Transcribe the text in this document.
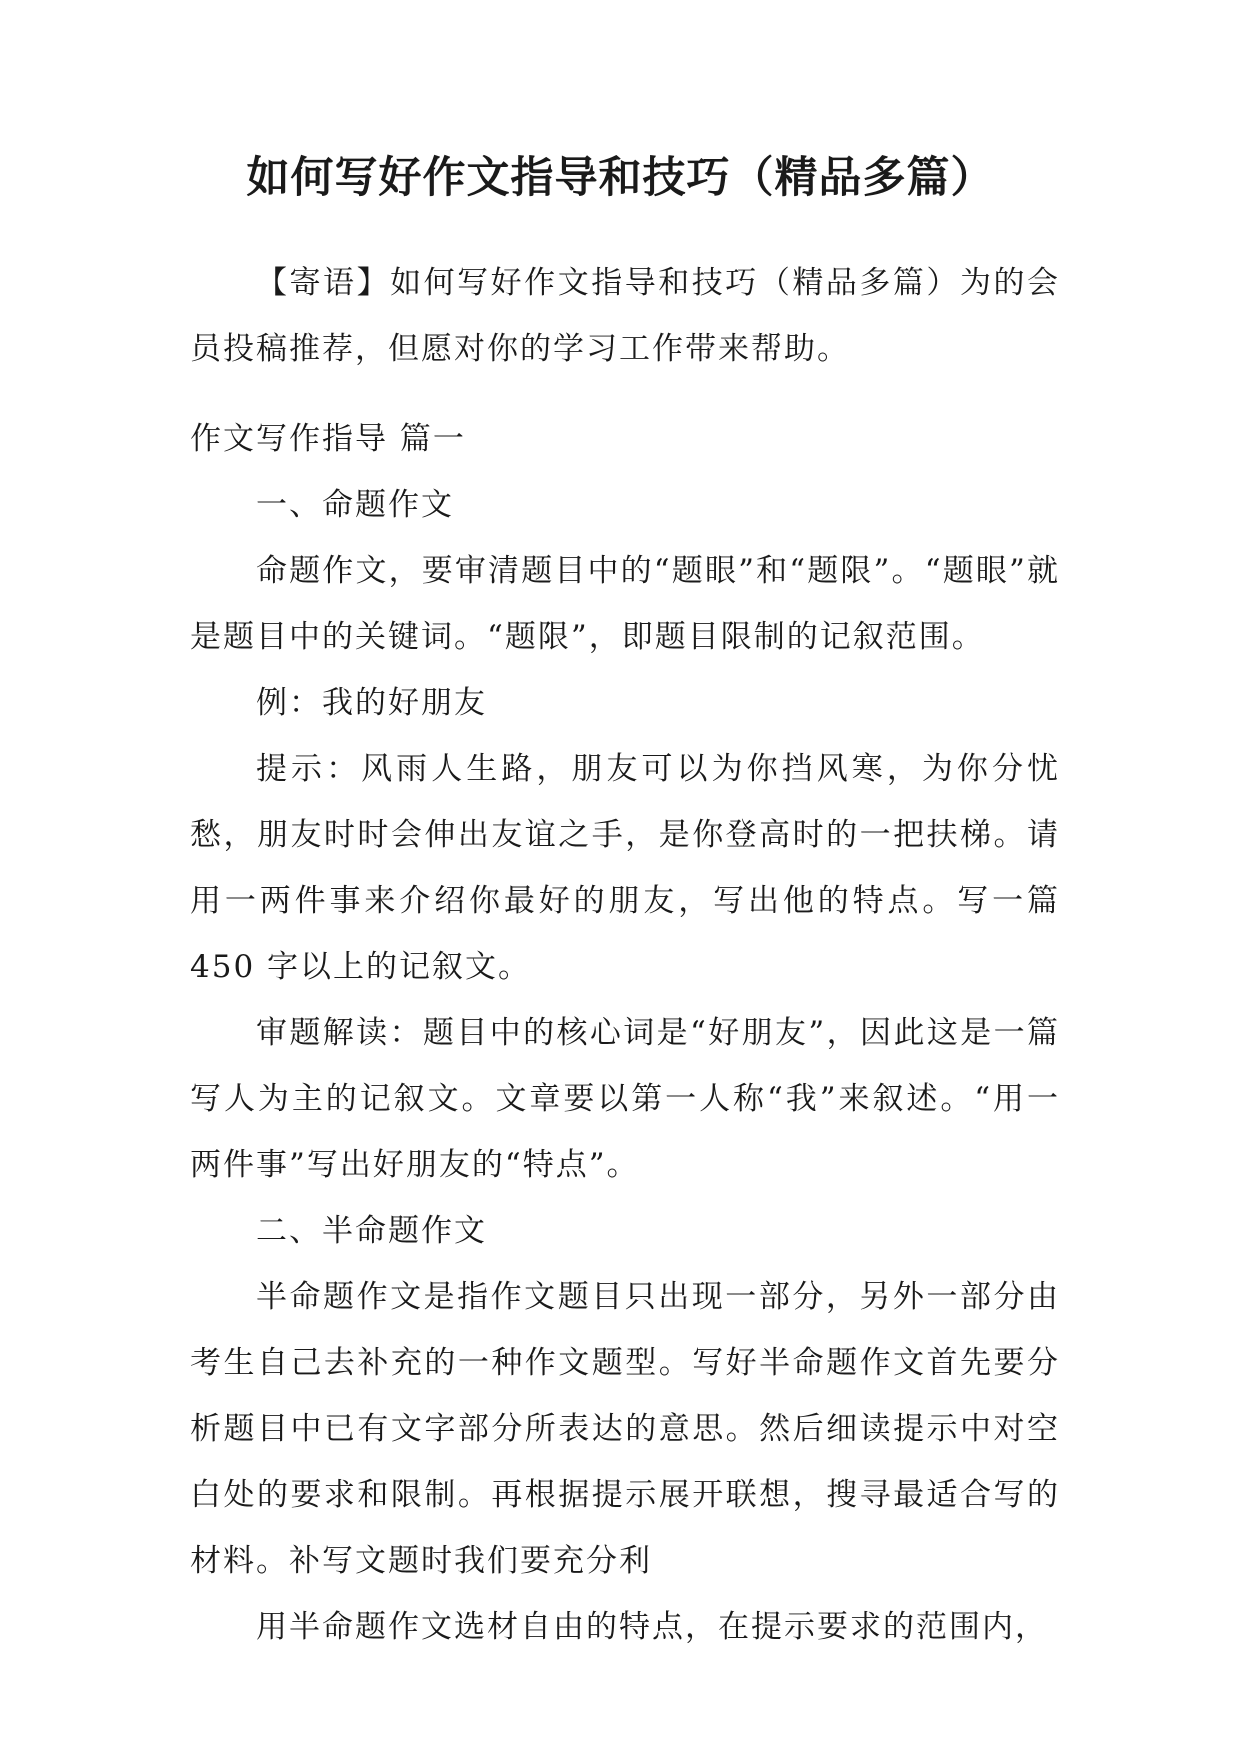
如何写好作文指导和技巧（精品多篇）

【寄语】如何写好作文指导和技巧（精品多篇）为的会员投稿推荐，但愿对你的学习工作带来帮助。

作文写作指导 篇一

一、命题作文

命题作文，要审清题目中的“题眼”和“题限”。“题眼”就是题目中的关键词。“题限”，即题目限制的记叙范围。

例：我的好朋友

提示：风雨人生路，朋友可以为你挡风寒，为你分忧愁，朋友时时会伸出友谊之手，是你登高时的一把扶梯。请用一两件事来介绍你最好的朋友，写出他的特点。写一篇 450 字以上的记叙文。

审题解读：题目中的核心词是“好朋友”，因此这是一篇写人为主的记叙文。文章要以第一人称“我”来叙述。“用一两件事”写出好朋友的“特点”。

二、半命题作文

半命题作文是指作文题目只出现一部分，另外一部分由考生自己去补充的一种作文题型。写好半命题作文首先要分析题目中已有文字部分所表达的意思。然后细读提示中对空白处的要求和限制。再根据提示展开联想，搜寻最适合写的材料。补写文题时我们要充分利

用半命题作文选材自由的特点，在提示要求的范围内，
